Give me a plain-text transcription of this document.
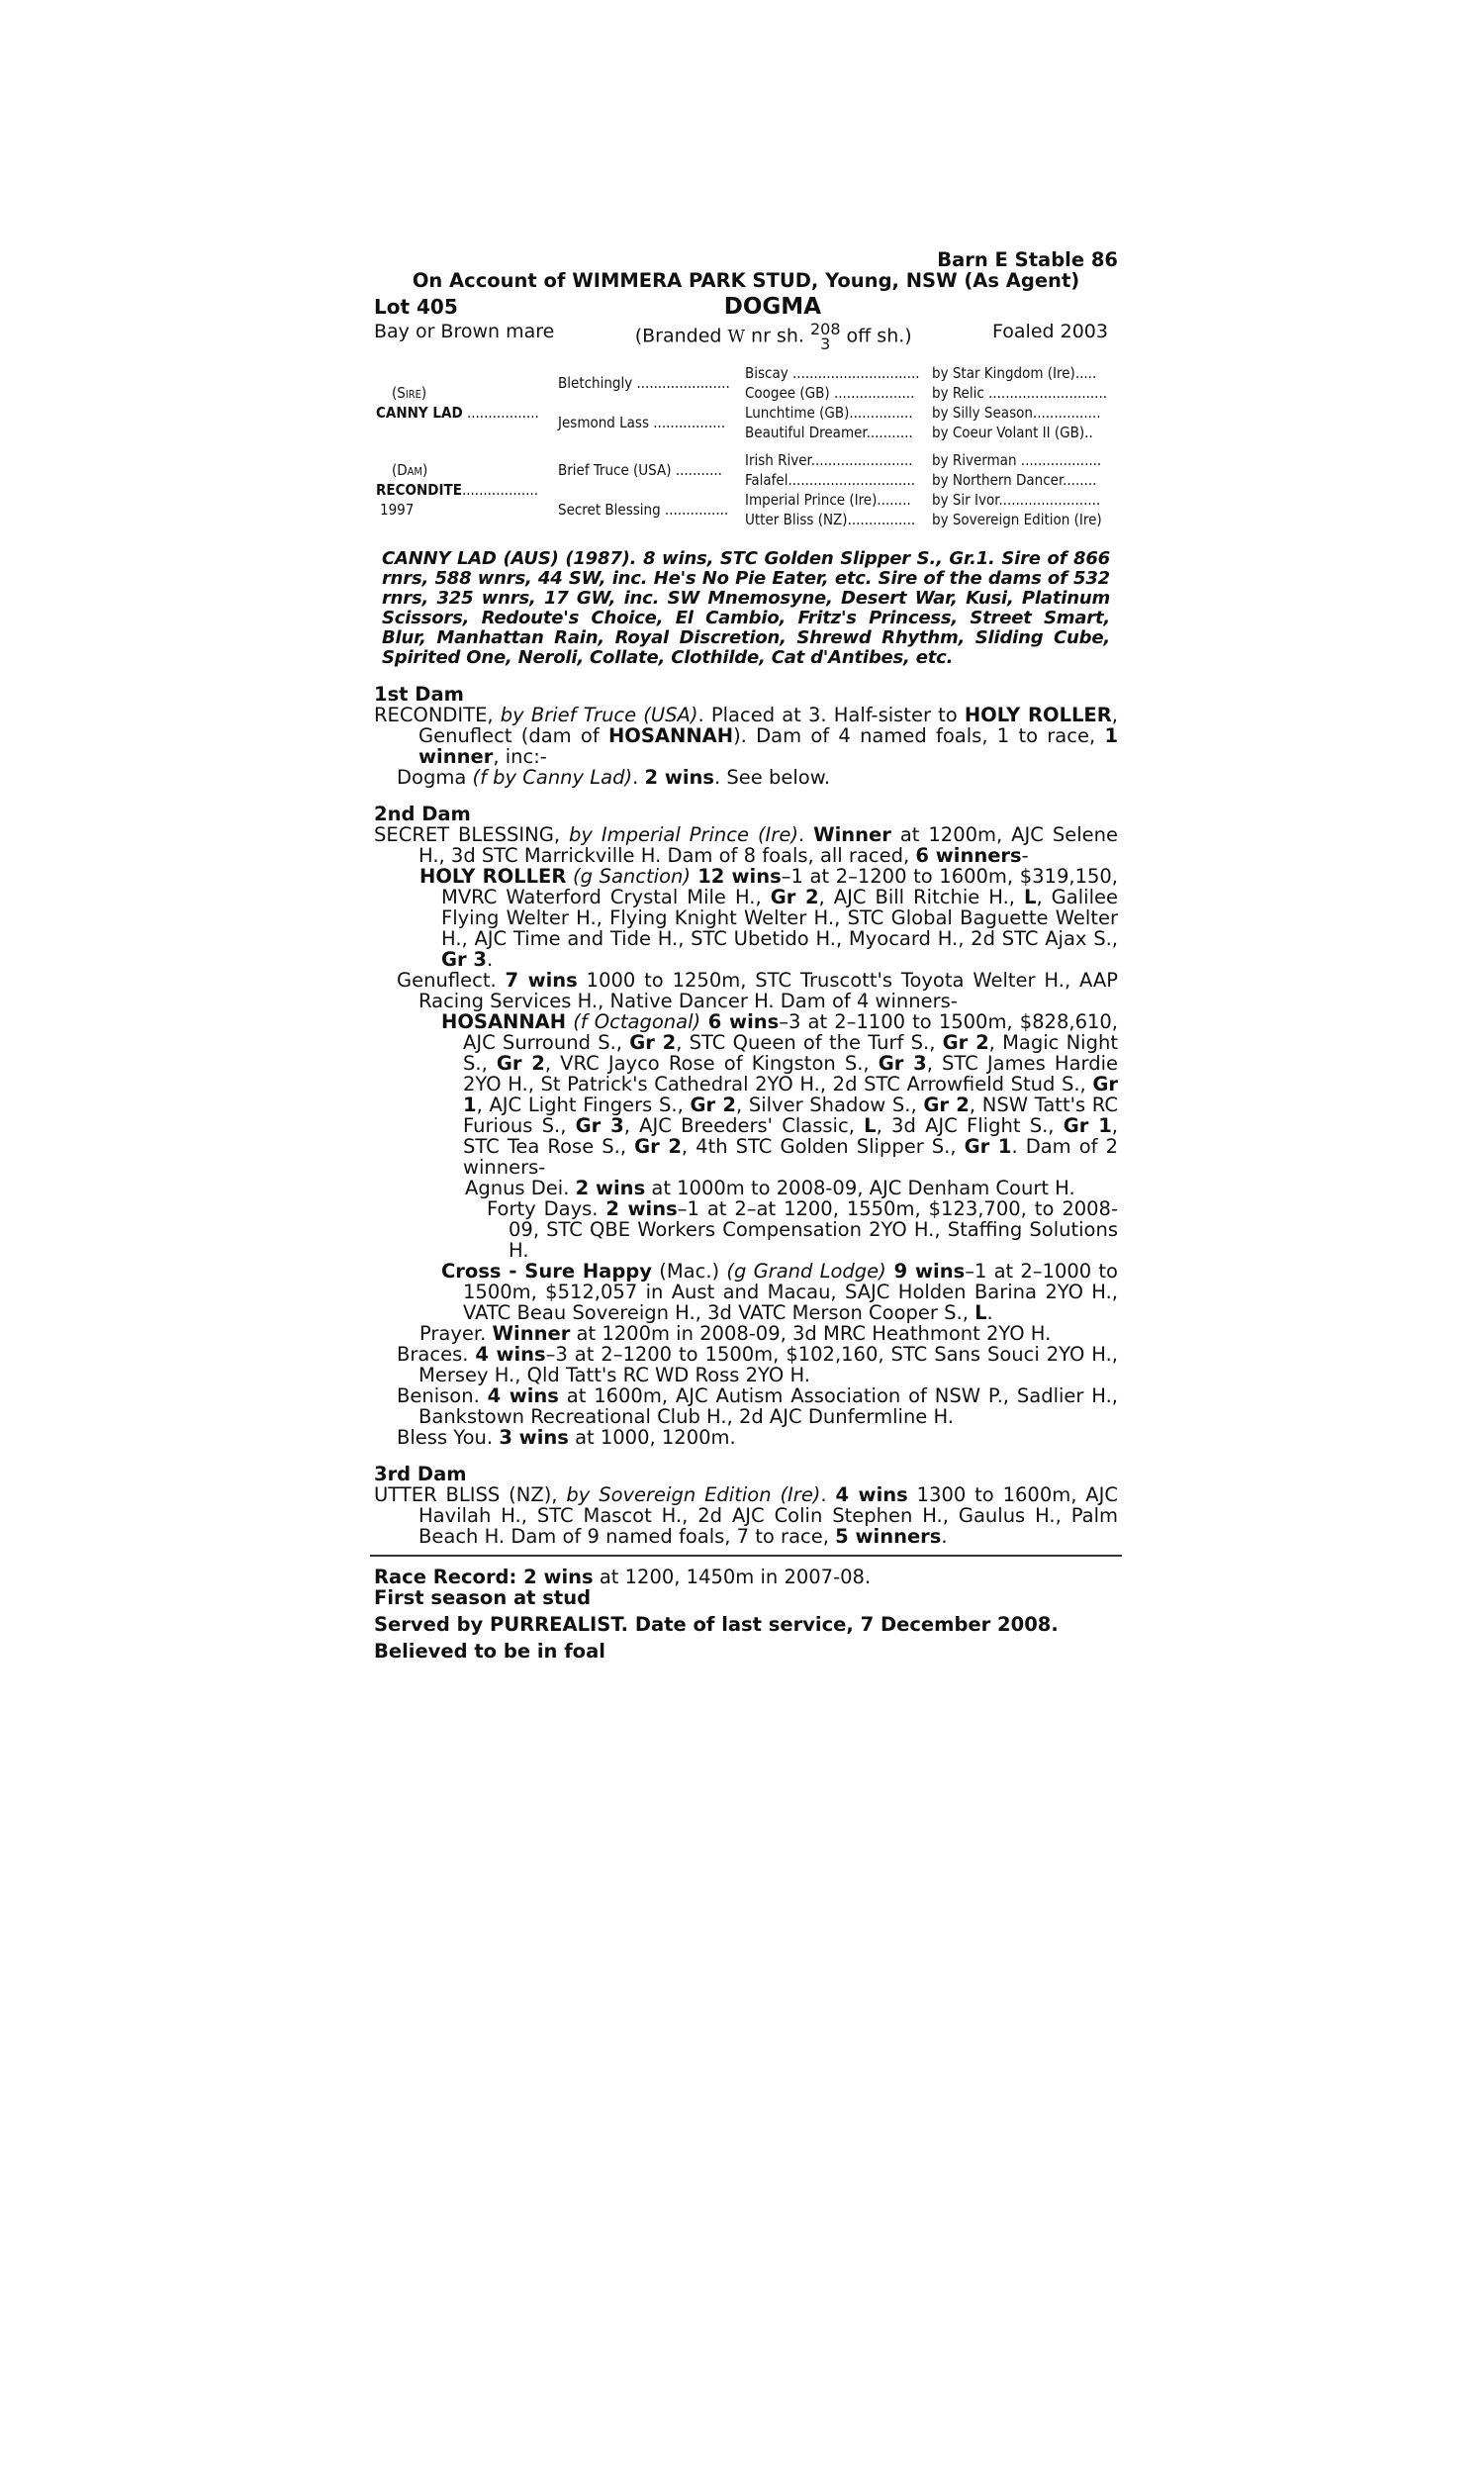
Barn E Stable 86
On Account of WIMMERA PARK STUD, Young, NSW (As Agent)
Lot 405	DOGMA
Bay or Brown mare	(Branded W nr sh. 208
3 off sh.)	Foaled 2003
(Sire)
CANNY LAD .................	Bletchingly ......................	Biscay ..............................	by Star Kingdom (Ire).....
		Coogee (GB) ...................	by Relic ............................
	Jesmond Lass .................	Lunchtime (GB)...............	by Silly Season................
		Beautiful Dreamer...........	by Coeur Volant II (GB)..

(Dam)
RECONDITE..................
1997	Brief Truce (USA) ...........	Irish River........................	by Riverman ...................
		Falafel..............................	by Northern Dancer........
	Secret Blessing ...............	Imperial Prince (Ire)........	by Sir Ivor........................
		Utter Bliss (NZ)................	by Sovereign Edition (Ire)
CANNY LAD (AUS) (1987). 8 wins, STC Golden Slipper S., Gr.1. Sire of 866 rnrs, 588 wnrs, 44 SW, inc. He's No Pie Eater, etc. Sire of the dams of 532 rnrs, 325 wnrs, 17 GW, inc. SW Mnemosyne, Desert War, Kusi, Platinum Scissors, Redoute's Choice, El Cambio, Fritz's Princess, Street Smart, Blur, Manhattan Rain, Royal Discretion, Shrewd Rhythm, Sliding Cube, Spirited One, Neroli, Collate, Clothilde, Cat d'Antibes, etc.
1st Dam

RECONDITE, by Brief Truce (USA). Placed at 3. Half-sister to HOLY ROLLER, Genuflect (dam of HOSANNAH). Dam of 4 named foals, 1 to race, 1 winner, inc:-

Dogma (f by Canny Lad). 2 wins. See below.

2nd Dam

SECRET BLESSING, by Imperial Prince (Ire). Winner at 1200m, AJC Selene H., 3d STC Marrickville H. Dam of 8 foals, all raced, 6 winners-

HOLY ROLLER (g Sanction) 12 wins–1 at 2–1200 to 1600m, $319,150, MVRC Waterford Crystal Mile H., Gr 2, AJC Bill Ritchie H., L, Galilee Flying Welter H., Flying Knight Welter H., STC Global Baguette Welter H., AJC Time and Tide H., STC Ubetido H., Myocard H., 2d STC Ajax S., Gr 3.

Genuflect. 7 wins 1000 to 1250m, STC Truscott's Toyota Welter H., AAP Racing Services H., Native Dancer H. Dam of 4 winners-

HOSANNAH (f Octagonal) 6 wins–3 at 2–1100 to 1500m, $828,610, AJC Surround S., Gr 2, STC Queen of the Turf S., Gr 2, Magic Night S., Gr 2, VRC Jayco Rose of Kingston S., Gr 3, STC James Hardie 2YO H., St Patrick's Cathedral 2YO H., 2d STC Arrowfield Stud S., Gr 1, AJC Light Fingers S., Gr 2, Silver Shadow S., Gr 2, NSW Tatt's RC Furious S., Gr 3, AJC Breeders' Classic, L, 3d AJC Flight S., Gr 1, STC Tea Rose S., Gr 2, 4th STC Golden Slipper S., Gr 1. Dam of 2 winners-

Agnus Dei. 2 wins at 1000m to 2008-09, AJC Denham Court H.

Forty Days. 2 wins–1 at 2–at 1200, 1550m, $123,700, to 2008-09, STC QBE Workers Compensation 2YO H., Staffing Solutions H.

Cross - Sure Happy (Mac.) (g Grand Lodge) 9 wins–1 at 2–1000 to 1500m, $512,057 in Aust and Macau, SAJC Holden Barina 2YO H., VATC Beau Sovereign H., 3d VATC Merson Cooper S., L.

Prayer. Winner at 1200m in 2008-09, 3d MRC Heathmont 2YO H.

Braces. 4 wins–3 at 2–1200 to 1500m, $102,160, STC Sans Souci 2YO H., Mersey H., Qld Tatt's RC WD Ross 2YO H.

Benison. 4 wins at 1600m, AJC Autism Association of NSW P., Sadlier H., Bankstown Recreational Club H., 2d AJC Dunfermline H.

Bless You. 3 wins at 1000, 1200m.

3rd Dam

UTTER BLISS (NZ), by Sovereign Edition (Ire). 4 wins 1300 to 1600m, AJC Havilah H., STC Mascot H., 2d AJC Colin Stephen H., Gaulus H., Palm Beach H. Dam of 9 named foals, 7 to race, 5 winners.

Race Record: 2 wins at 1200, 1450m in 2007-08.
First season at stud
Served by PURREALIST. Date of last service, 7 December 2008.
Believed to be in foal
